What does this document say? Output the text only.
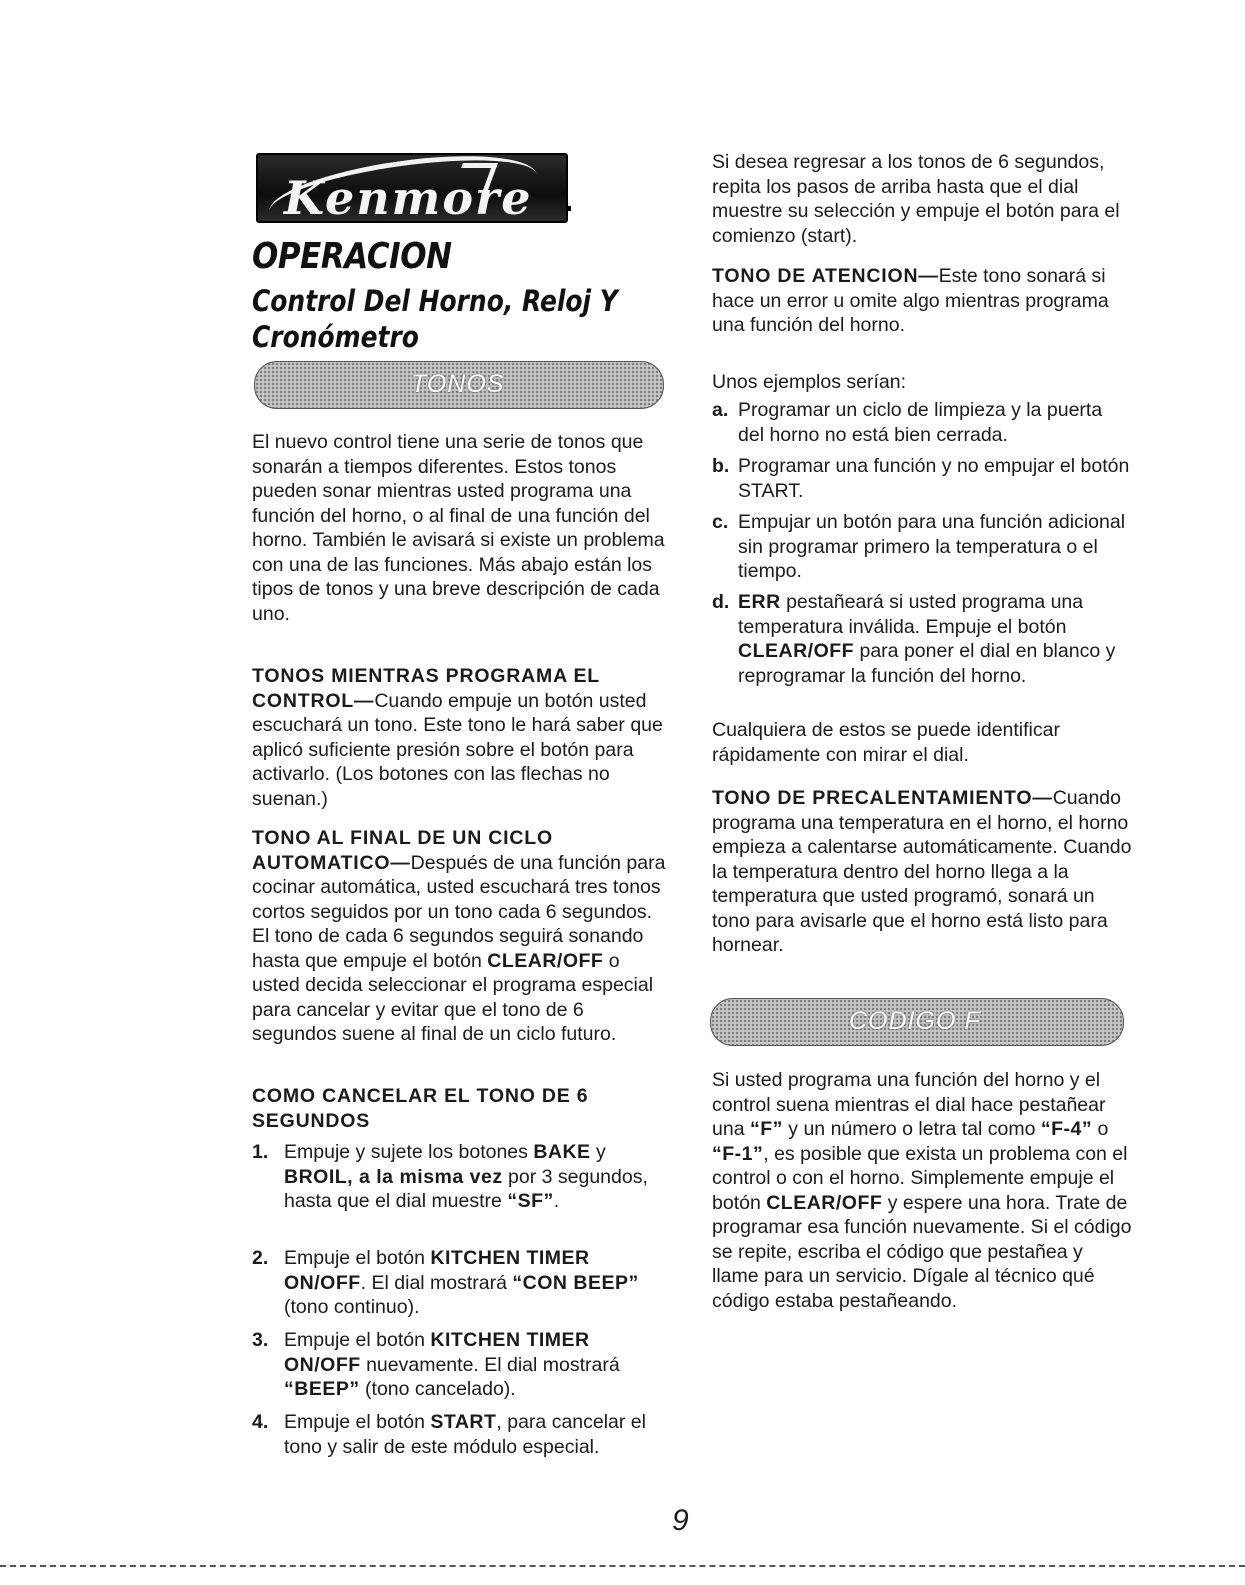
Kenmore
OPERACION
Control Del Horno, Reloj Y Cronómetro
TONOS

El nuevo control tiene una serie de tonos que sonarán a tiempos diferentes. Estos tonos pueden sonar mientras usted programa una función del horno, o al final de una función del horno. También le avisará si existe un problema con una de las funciones. Más abajo están los tipos de tonos y una breve descripción de cada uno.

TONOS MIENTRAS PROGRAMA EL CONTROL—Cuando empuje un botón usted escuchará un tono. Este tono le hará saber que aplicó suficiente presión sobre el botón para activarlo. (Los botones con las flechas no suenan.)

TONO AL FINAL DE UN CICLO AUTOMATICO—Después de una función para cocinar automática, usted escuchará tres tonos cortos seguidos por un tono cada 6 segundos. El tono de cada 6 segundos seguirá sonando hasta que empuje el botón CLEAR/OFF o usted decida seleccionar el programa especial para cancelar y evitar que el tono de 6 segundos suene al final de un ciclo futuro.

COMO CANCELAR EL TONO DE 6 SEGUNDOS
1. Empuje y sujete los botones BAKE y BROIL, a la misma vez por 3 segundos, hasta que el dial muestre “SF”.
2. Empuje el botón KITCHEN TIMER ON/OFF. El dial mostrará “CON BEEP” (tono continuo).
3. Empuje el botón KITCHEN TIMER ON/OFF nuevamente. El dial mostrará “BEEP” (tono cancelado).
4. Empuje el botón START, para cancelar el tono y salir de este módulo especial.

Si desea regresar a los tonos de 6 segundos, repita los pasos de arriba hasta que el dial muestre su selección y empuje el botón para el comienzo (start).

TONO DE ATENCION—Este tono sonará si hace un error u omite algo mientras programa una función del horno.

Unos ejemplos serían:

a. Programar un ciclo de limpieza y la puerta del horno no está bien cerrada.
b. Programar una función y no empujar el botón START.
c. Empujar un botón para una función adicional sin programar primero la temperatura o el tiempo.
d. ERR pestañeará si usted programa una temperatura inválida. Empuje el botón CLEAR/OFF para poner el dial en blanco y reprogramar la función del horno.

Cualquiera de estos se puede identificar rápidamente con mirar el dial.

TONO DE PRECALENTAMIENTO—Cuando programa una temperatura en el horno, el horno empieza a calentarse automáticamente. Cuando la temperatura dentro del horno llega a la temperatura que usted programó, sonará un tono para avisarle que el horno está listo para hornear.

Si usted programa una función del horno y el control suena mientras el dial hace pestañear una “F” y un número o letra tal como “F-4” o “F-1”, es posible que exista un problema con el control o con el horno. Simplemente empuje el botón CLEAR/OFF y espere una hora. Trate de programar esa función nuevamente. Si el código se repite, escriba el código que pestañea y llame para un servicio. Dígale al técnico qué código estaba pestañeando.

CODIGO F
9
